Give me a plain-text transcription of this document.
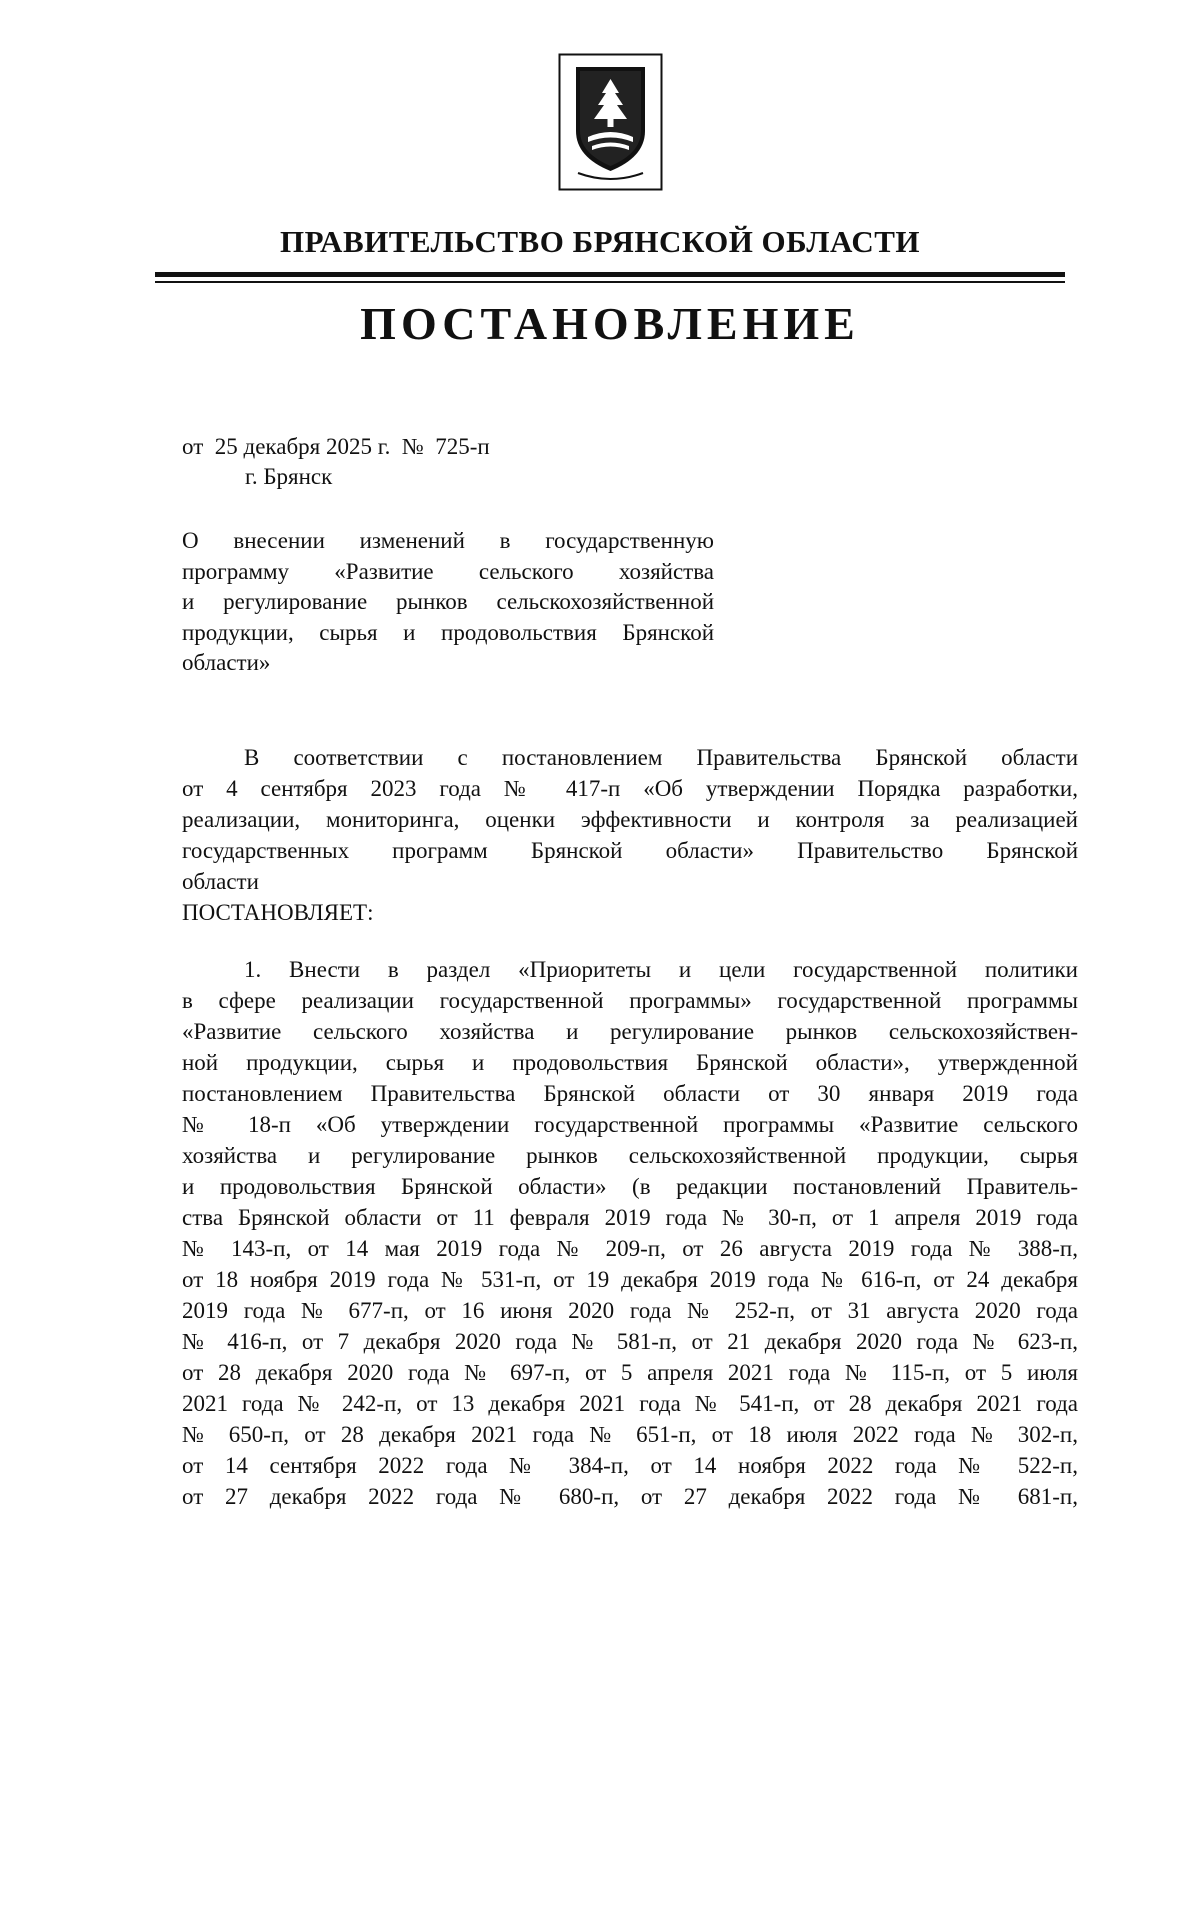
ПРАВИТЕЛЬСТВО БРЯНСКОЙ ОБЛАСТИ
ПОСТАНОВЛЕНИЕ
от  25 декабря 2025 г.  №  725-п
г. Брянск
О внесении изменений в государственную
программу «Развитие сельского хозяйства
и регулирование рынков сельскохозяйственной
продукции, сырья и продовольствия Брянской
области»
В соответствии с постановлением Правительства Брянской области
от 4 сентября 2023 года № 417-п «Об утверждении Порядка разработки,
реализации, мониторинга, оценки эффективности и контроля за реализацией
государственных программ Брянской области» Правительство Брянской
области
ПОСТАНОВЛЯЕТ:
1. Внести в раздел «Приоритеты и цели государственной политики
в сфере реализации государственной программы» государственной программы
«Развитие сельского хозяйства и регулирование рынков сельскохозяйствен-
ной продукции, сырья и продовольствия Брянской области», утвержденной
постановлением Правительства Брянской области от 30 января 2019 года
№ 18-п «Об утверждении государственной программы «Развитие сельского
хозяйства и регулирование рынков сельскохозяйственной продукции, сырья
и продовольствия Брянской области» (в редакции постановлений Правитель-
ства Брянской области от 11 февраля 2019 года № 30-п, от 1 апреля 2019 года
№ 143-п, от 14 мая 2019 года № 209-п, от 26 августа 2019 года № 388-п,
от 18 ноября 2019 года № 531-п, от 19 декабря 2019 года № 616-п, от 24 декабря
2019 года № 677-п, от 16 июня 2020 года № 252-п, от 31 августа 2020 года
№ 416-п, от 7 декабря 2020 года № 581-п, от 21 декабря 2020 года № 623-п,
от 28 декабря 2020 года № 697-п, от 5 апреля 2021 года № 115-п, от 5 июля
2021 года № 242-п, от 13 декабря 2021 года № 541-п, от 28 декабря 2021 года
№ 650-п, от 28 декабря 2021 года № 651-п, от 18 июля 2022 года № 302-п,
от 14 сентября 2022 года № 384-п, от 14 ноября 2022 года № 522-п,
от 27 декабря 2022 года № 680-п, от 27 декабря 2022 года № 681-п,
